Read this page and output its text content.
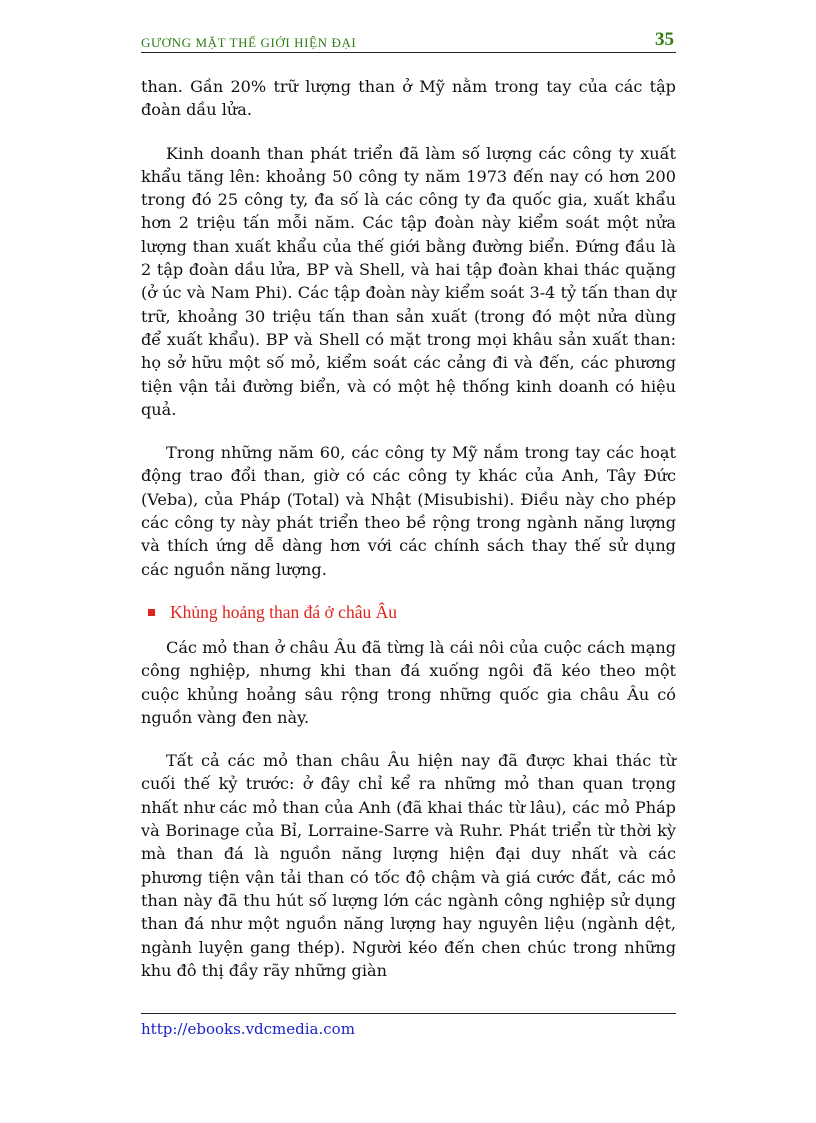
GƯƠNG MẶT THẾ GIỚI HIỆN ĐẠI	35

than. Gần 20% trữ lượng than ở Mỹ nằm trong tay của các tập đoàn dầu lửa.

Kinh doanh than phát triển đã làm số lượng các công ty xuất khẩu tăng lên: khoảng 50 công ty năm 1973 đến nay có hơn 200 trong đó 25 công ty, đa số là các công ty đa quốc gia, xuất khẩu hơn 2 triệu tấn mỗi năm. Các tập đoàn này kiểm soát một nửa lượng than xuất khẩu của thế giới bằng đường biển. Đứng đầu là 2 tập đoàn dầu lửa, BP và Shell, và hai tập đoàn khai thác quặng (ở úc và Nam Phi). Các tập đoàn này kiểm soát 3-4 tỷ tấn than dự trữ, khoảng 30 triệu tấn than sản xuất (trong đó một nửa dùng để xuất khẩu). BP và Shell có mặt trong mọi khâu sản xuất than: họ sở hữu một số mỏ, kiểm soát các cảng đi và đến, các phương tiện vận tải đường biển, và có một hệ thống kinh doanh có hiệu quả.

Trong những năm 60, các công ty Mỹ nắm trong tay các hoạt động trao đổi than, giờ có các công ty khác của Anh, Tây Đức (Veba), của Pháp (Total) và Nhật (Misubishi). Điều này cho phép các công ty này phát triển theo bề rộng trong ngành năng lượng và thích ứng dễ dàng hơn với các chính sách thay thế sử dụng các nguồn năng lượng.

Khủng hoảng than đá ở châu Âu

Các mỏ than ở châu Âu đã từng là cái nôi của cuộc cách mạng công nghiệp, nhưng khi than đá xuống ngôi đã kéo theo một cuộc khủng hoảng sâu rộng trong những quốc gia châu Âu có nguồn vàng đen này.

Tất cả các mỏ than châu Âu hiện nay đã được khai thác từ cuối thế kỷ trước: ở đây chỉ kể ra những mỏ than quan trọng nhất như các mỏ than của Anh (đã khai thác từ lâu), các mỏ Pháp và Borinage của Bỉ, Lorraine-Sarre và Ruhr. Phát triển từ thời kỳ mà than đá là nguồn năng lượng hiện đại duy nhất và các phương tiện vận tải than có tốc độ chậm và giá cước đắt, các mỏ than này đã thu hút số lượng lớn các ngành công nghiệp sử dụng than đá như một nguồn năng lượng hay nguyên liệu (ngành dệt, ngành luyện gang thép). Người kéo đến chen chúc trong những khu đô thị đầy rãy những giàn

http://ebooks.vdcmedia.com
